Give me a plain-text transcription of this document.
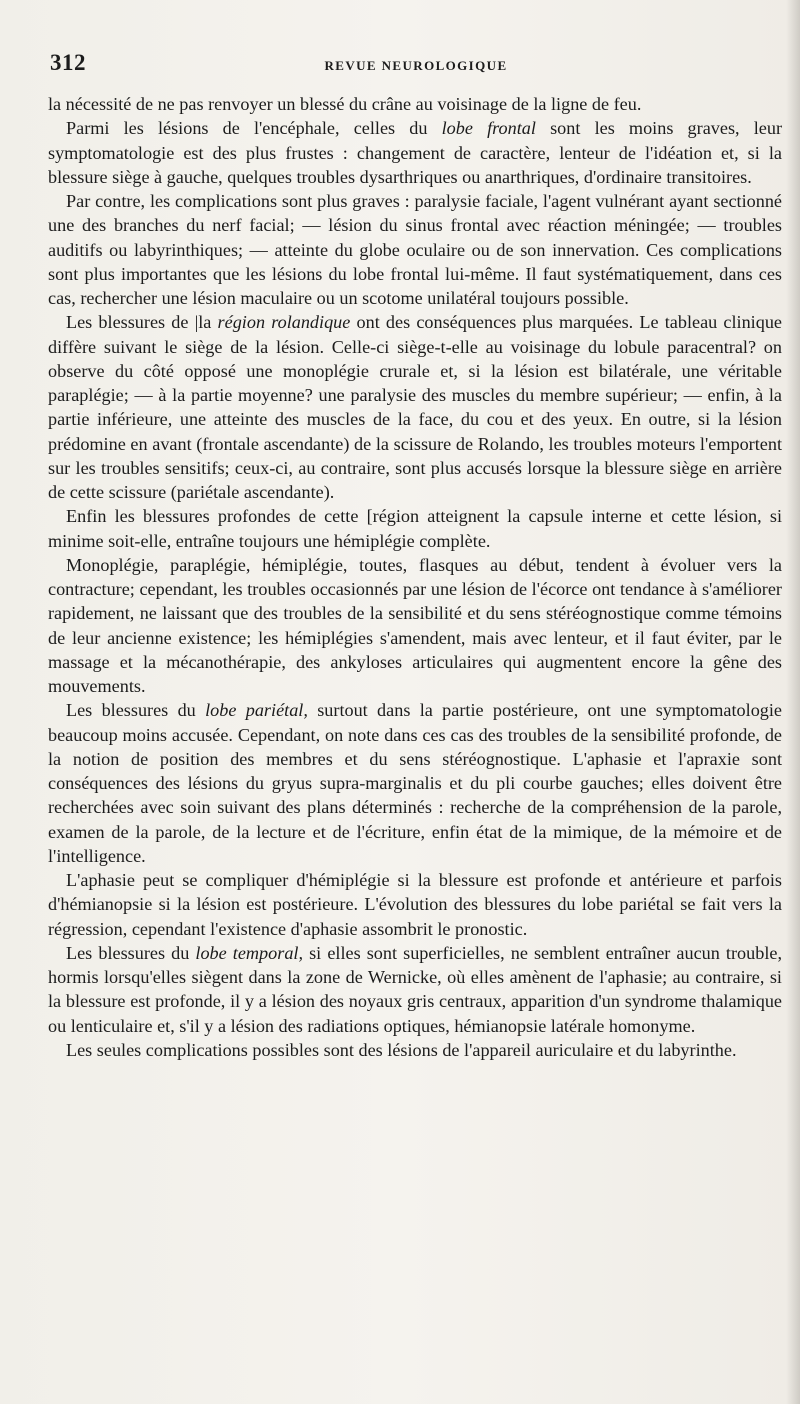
312	REVUE NEUROLOGIQUE

la nécessité de ne pas renvoyer un blessé du crâne au voisinage de la ligne de feu.

Parmi les lésions de l'encéphale, celles du lobe frontal sont les moins graves, leur symptomatologie est des plus frustes : changement de caractère, lenteur de l'idéation et, si la blessure siège à gauche, quelques troubles dysarthriques ou anarthriques, d'ordinaire transitoires.

Par contre, les complications sont plus graves : paralysie faciale, l'agent vulnérant ayant sectionné une des branches du nerf facial; — lésion du sinus frontal avec réaction méningée; — troubles auditifs ou labyrinthiques; — atteinte du globe oculaire ou de son innervation. Ces complications sont plus importantes que les lésions du lobe frontal lui-même. Il faut systématiquement, dans ces cas, rechercher une lésion maculaire ou un scotome unilatéral toujours possible.

Les blessures de |la région rolandique ont des conséquences plus marquées. Le tableau clinique diffère suivant le siège de la lésion. Celle-ci siège-t-elle au voisinage du lobule paracentral? on observe du côté opposé une monoplégie crurale et, si la lésion est bilatérale, une véritable paraplégie; — à la partie moyenne? une paralysie des muscles du membre supérieur; — enfin, à la partie inférieure, une atteinte des muscles de la face, du cou et des yeux. En outre, si la lésion prédomine en avant (frontale ascendante) de la scissure de Rolando, les troubles moteurs l'emportent sur les troubles sensitifs; ceux-ci, au contraire, sont plus accusés lorsque la blessure siège en arrière de cette scissure (pariétale ascendante).

Enfin les blessures profondes de cette [région atteignent la capsule interne et cette lésion, si minime soit-elle, entraîne toujours une hémiplégie complète.

Monoplégie, paraplégie, hémiplégie, toutes, flasques au début, tendent à évoluer vers la contracture; cependant, les troubles occasionnés par une lésion de l'écorce ont tendance à s'améliorer rapidement, ne laissant que des troubles de la sensibilité et du sens stéréognostique comme témoins de leur ancienne existence; les hémiplégies s'amendent, mais avec lenteur, et il faut éviter, par le massage et la mécanothérapie, des ankyloses articulaires qui augmentent encore la gêne des mouvements.

Les blessures du lobe pariétal, surtout dans la partie postérieure, ont une symptomatologie beaucoup moins accusée. Cependant, on note dans ces cas des troubles de la sensibilité profonde, de la notion de position des membres et du sens stéréognostique. L'aphasie et l'apraxie sont conséquences des lésions du gryus supra-marginalis et du pli courbe gauches; elles doivent être recherchées avec soin suivant des plans déterminés : recherche de la compréhension de la parole, examen de la parole, de la lecture et de l'écriture, enfin état de la mimique, de la mémoire et de l'intelligence.

L'aphasie peut se compliquer d'hémiplégie si la blessure est profonde et antérieure et parfois d'hémianopsie si la lésion est postérieure. L'évolution des blessures du lobe pariétal se fait vers la régression, cependant l'existence d'aphasie assombrit le pronostic.

Les blessures du lobe temporal, si elles sont superficielles, ne semblent entraîner aucun trouble, hormis lorsqu'elles siègent dans la zone de Wernicke, où elles amènent de l'aphasie; au contraire, si la blessure est profonde, il y a lésion des noyaux gris centraux, apparition d'un syndrome thalamique ou lenticulaire et, s'il y a lésion des radiations optiques, hémianopsie latérale homonyme.

Les seules complications possibles sont des lésions de l'appareil auriculaire et du labyrinthe.
